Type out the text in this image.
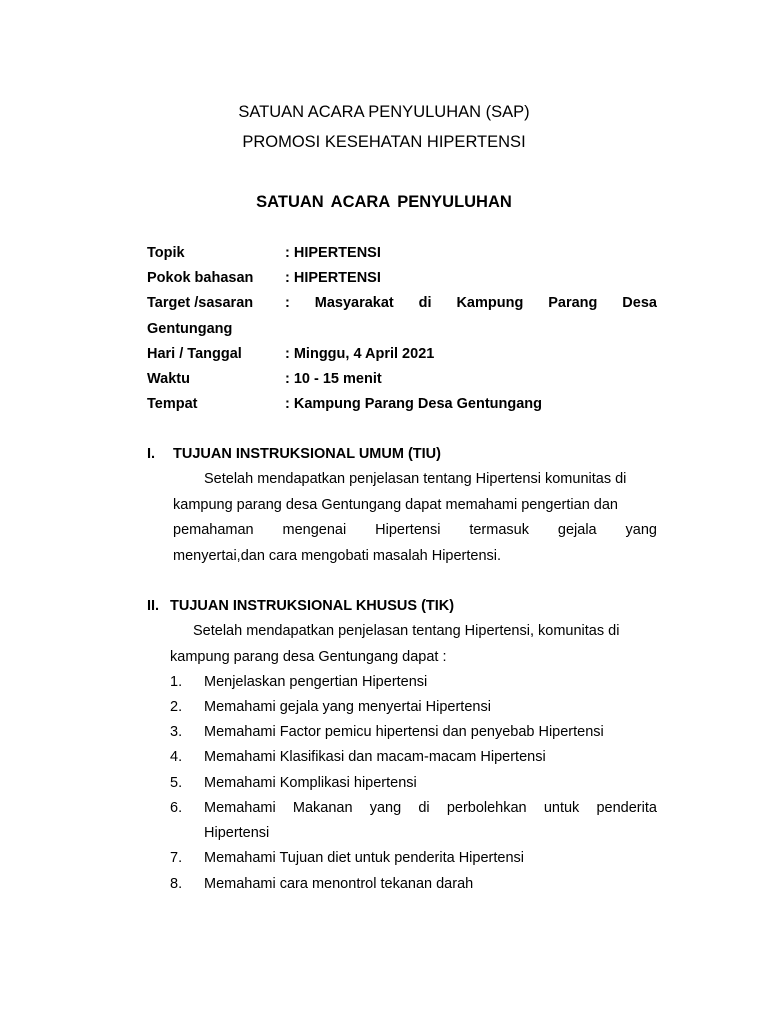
SATUAN ACARA PENYULUHAN (SAP)
PROMOSI KESEHATAN HIPERTENSI
SATUAN ACARA PENYULUHAN
Topik	: HIPERTENSI
Pokok bahasan : HIPERTENSI
Target /sasaran : Masyarakat di Kampung Parang Desa
Gentungang
Hari / Tanggal	: Minggu, 4 April 2021
Waktu	: 10 - 15 menit
Tempat	: Kampung Parang Desa Gentungang
I. TUJUAN INSTRUKSIONAL UMUM (TIU)
Setelah mendapatkan penjelasan tentang Hipertensi komunitas di
kampung parang desa Gentungang dapat memahami pengertian dan
pemahaman mengenai Hipertensi termasuk gejala yang
menyertai,dan cara mengobati masalah Hipertensi.
II. TUJUAN INSTRUKSIONAL KHUSUS (TIK)
Setelah mendapatkan penjelasan tentang Hipertensi, komunitas di
kampung parang desa Gentungang dapat :
1. Menjelaskan pengertian Hipertensi
2. Memahami gejala yang menyertai Hipertensi
3. Memahami Factor pemicu hipertensi dan penyebab Hipertensi
4. Memahami Klasifikasi dan macam-macam Hipertensi
5. Memahami Komplikasi hipertensi
6. Memahami Makanan yang di perbolehkan untuk penderita
Hipertensi
7. Memahami Tujuan diet untuk penderita Hipertensi
8. Memahami cara menontrol tekanan darah
